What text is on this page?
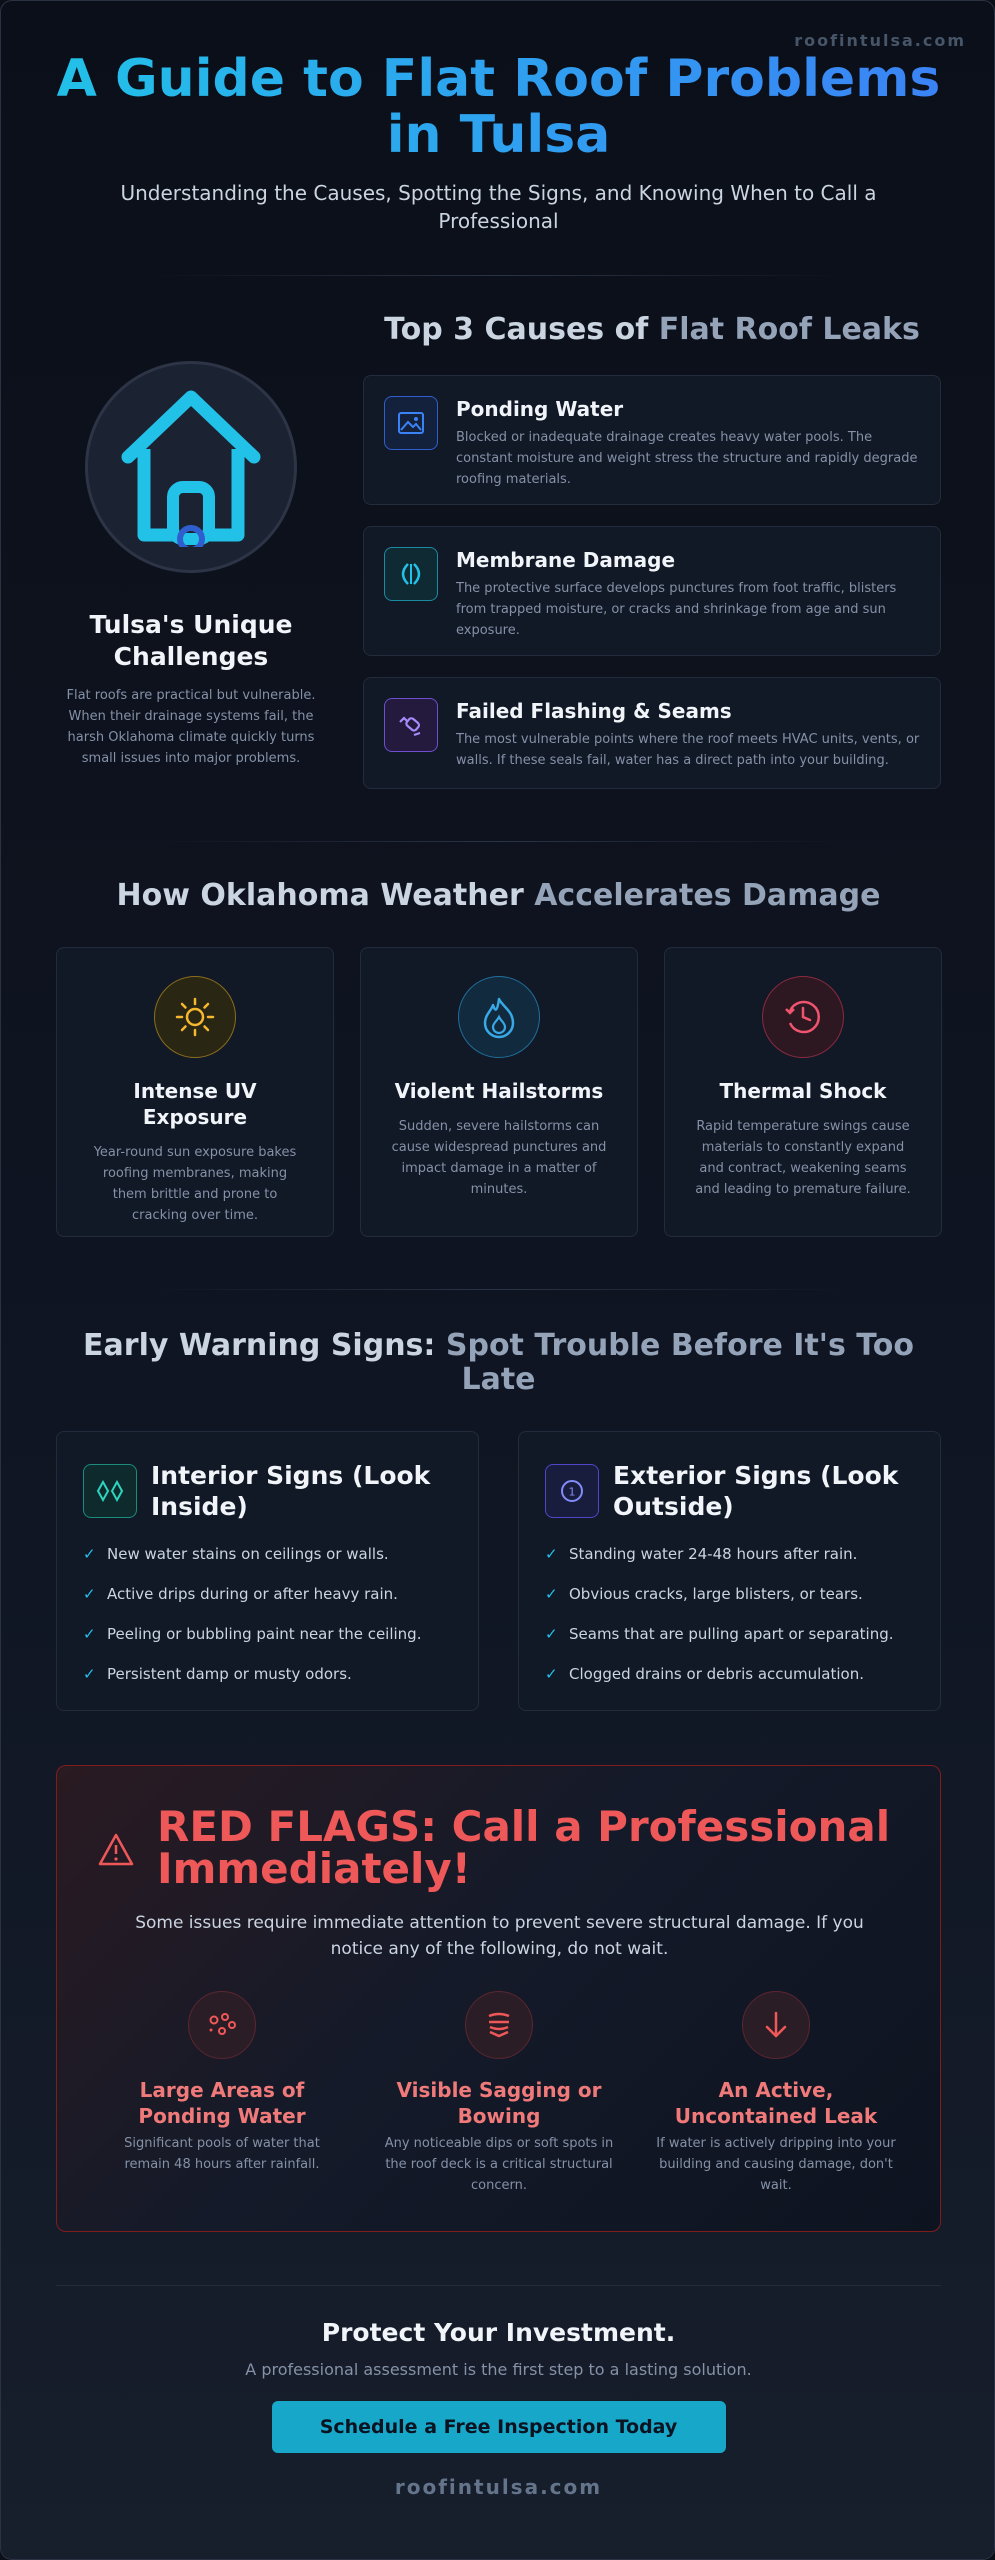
roofintulsa.com
A Guide to Flat Roof Problems in Tulsa

Understanding the Causes, Spotting the Signs, and Knowing When to Call a Professional

Top 3 Causes of Flat Roof Leaks
Tulsa's Unique Challenges

Flat roofs are practical but vulnerable. When their drainage systems fail, the harsh Oklahoma climate quickly turns small issues into major problems.

Ponding Water

Blocked or inadequate drainage creates heavy water pools. The constant moisture and weight stress the structure and rapidly degrade roofing materials.

Membrane Damage

The protective surface develops punctures from foot traffic, blisters from trapped moisture, or cracks and shrinkage from age and sun exposure.

Failed Flashing & Seams

The most vulnerable points where the roof meets HVAC units, vents, or walls. If these seals fail, water has a direct path into your building.

How Oklahoma Weather Accelerates Damage
Intense UV Exposure

Year-round sun exposure bakes roofing membranes, making them brittle and prone to cracking over time.

Violent Hailstorms

Sudden, severe hailstorms can cause widespread punctures and impact damage in a matter of minutes.

Thermal Shock

Rapid temperature swings cause materials to constantly expand and contract, weakening seams and leading to premature failure.

Early Warning Signs: Spot Trouble Before It's Too Late
Interior Signs (Look Inside)
✓ New water stains on ceilings or walls.
✓ Active drips during or after heavy rain.
✓ Peeling or bubbling paint near the ceiling.
✓ Persistent damp or musty odors.
1
Exterior Signs (Look Outside)
✓ Standing water 24-48 hours after rain.
✓ Obvious cracks, large blisters, or tears.
✓ Seams that are pulling apart or separating.
✓ Clogged drains or debris accumulation.
RED FLAGS: Call a Professional Immediately!
Some issues require immediate attention to prevent severe structural damage. If you notice any of the following, do not wait.
Large Areas of Ponding Water

Significant pools of water that remain 48 hours after rainfall.

Visible Sagging or Bowing

Any noticeable dips or soft spots in the roof deck is a critical structural concern.

An Active, Uncontained Leak

If water is actively dripping into your building and causing damage, don't wait.

Protect Your Investment.

A professional assessment is the first step to a lasting solution.

Schedule a Free Inspection Today
roofintulsa.com
